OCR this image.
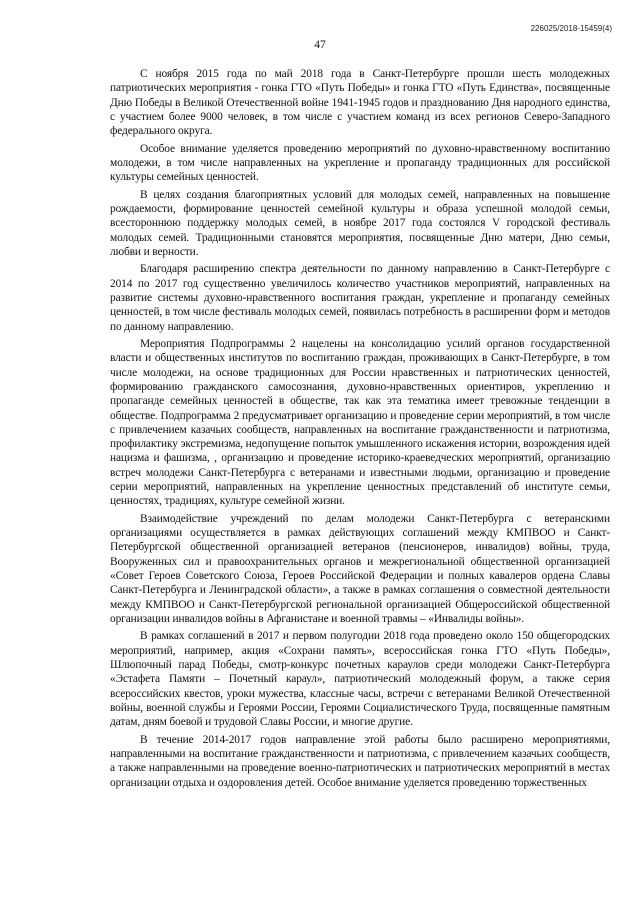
226025/2018-15459(4)
47

С ноября 2015 года по май 2018 года в Санкт-Петербурге прошли шесть молодежных патриотических мероприятия - гонка ГТО «Путь Победы» и гонка ГТО «Путь Единства», посвященные Дню Победы в Великой Отечественной войне 1941-1945 годов и празднованию Дня народного единства, с участием более 9000 человек, в том числе с участием команд из всех регионов Северо-Западного федерального округа.

Особое внимание уделяется проведению мероприятий по духовно-нравственному воспитанию молодежи, в том числе направленных на укрепление и пропаганду традиционных для российской культуры семейных ценностей.

В целях создания благоприятных условий для молодых семей, направленных на повышение рождаемости, формирование ценностей семейной культуры и образа успешной молодой семьи, всестороннюю поддержку молодых семей, в ноябре 2017 года состоялся V городской фестиваль молодых семей. Традиционными становятся мероприятия, посвященные Дню матери, Дню семьи, любви и верности.

Благодаря расширению спектра деятельности по данному направлению в Санкт-Петербурге с 2014 по 2017 год существенно увеличилось количество участников мероприятий, направленных на развитие системы духовно-нравственного воспитания граждан, укрепление и пропаганду семейных ценностей, в том числе фестиваль молодых семей, появилась потребность в расширении форм и методов по данному направлению.

Мероприятия Подпрограммы 2 нацелены на консолидацию усилий органов государственной власти и общественных институтов по воспитанию граждан, проживающих в Санкт-Петербурге, в том числе молодежи, на основе традиционных для России нравственных и патриотических ценностей, формированию гражданского самосознания, духовно-нравственных ориентиров, укреплению и пропаганде семейных ценностей в обществе, так как эта тематика имеет тревожные тенденции в обществе. Подпрограмма 2 предусматривает организацию и проведение серии мероприятий, в том числе с привлечением казачьих сообществ, направленных на воспитание гражданственности и патриотизма, профилактику экстремизма, недопущение попыток умышленного искажения истории, возрождения идей нацизма и фашизма, , организацию и проведение историко-краеведческих мероприятий, организацию встреч молодежи Санкт-Петербурга с ветеранами и известными людьми, организацию и проведение серии мероприятий, направленных на укрепление ценностных представлений об институте семьи, ценностях, традициях, культуре семейной жизни.

Взаимодействие учреждений по делам молодежи Санкт-Петербурга с ветеранскими организациями осуществляется в рамках действующих соглашений между КМПВОО и Санкт-Петербургской общественной организацией ветеранов (пенсионеров, инвалидов) войны, труда, Вооруженных сил и правоохранительных органов и межрегиональной общественной организацией «Совет Героев Советского Союза, Героев Российской Федерации и полных кавалеров ордена Славы Санкт-Петербурга и Ленинградской области», а также в рамках соглашения о совместной деятельности между КМПВОО и Санкт-Петербургской региональной организацией Общероссийской общественной организации инвалидов войны в Афганистане и военной травмы – «Инвалиды войны».

В рамках соглашений в 2017 и первом полугодии 2018 года проведено около 150 общегородских мероприятий, например, акция «Сохрани память», всероссийская гонка ГТО «Путь Победы», Шлюпочный парад Победы, смотр-конкурс почетных караулов среди молодежи Санкт-Петербурга «Эстафета Памяти – Почетный караул», патриотический молодежный форум, а также серия всероссийских квестов, уроки мужества, классные часы, встречи с ветеранами Великой Отечественной войны, военной службы и Героями России, Героями Социалистического Труда, посвященные памятным датам, дням боевой и трудовой Славы России, и многие другие.

В течение 2014-2017 годов направление этой работы было расширено мероприятиями, направленными на воспитание гражданственности и патриотизма, с привлечением казачьих сообществ, а также направленными на проведение военно-патриотических и патриотических мероприятий в местах организации отдыха и оздоровления детей. Особое внимание уделяется проведению торжественных
